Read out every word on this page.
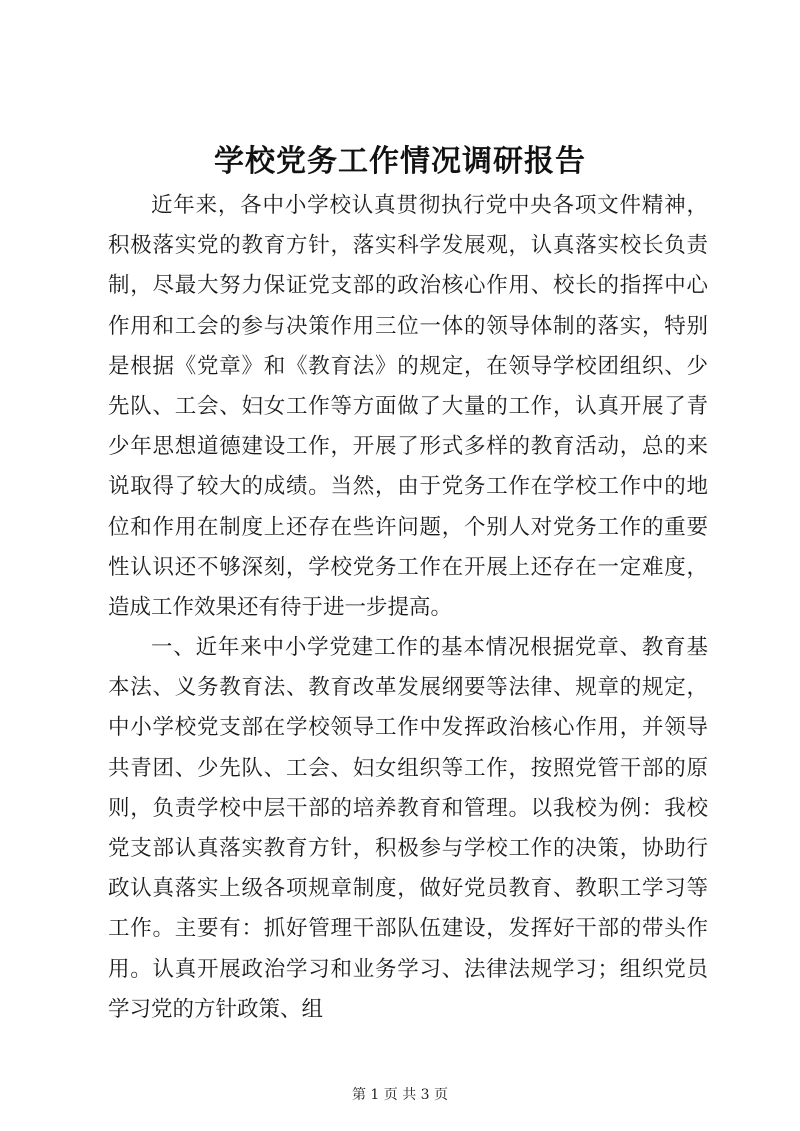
学校党务工作情况调研报告

近年来，各中小学校认真贯彻执行党中央各项文件精神，积极落实党的教育方针，落实科学发展观，认真落实校长负责制，尽最大努力保证党支部的政治核心作用、校长的指挥中心作用和工会的参与决策作用三位一体的领导体制的落实，特别是根据《党章》和《教育法》的规定，在领导学校团组织、少先队、工会、妇女工作等方面做了大量的工作，认真开展了青少年思想道德建设工作，开展了形式多样的教育活动，总的来说取得了较大的成绩。当然，由于党务工作在学校工作中的地位和作用在制度上还存在些许问题，个别人对党务工作的重要性认识还不够深刻，学校党务工作在开展上还存在一定难度，造成工作效果还有待于进一步提高。

一、近年来中小学党建工作的基本情况根据党章、教育基本法、义务教育法、教育改革发展纲要等法律、规章的规定，中小学校党支部在学校领导工作中发挥政治核心作用，并领导共青团、少先队、工会、妇女组织等工作，按照党管干部的原则，负责学校中层干部的培养教育和管理。以我校为例：我校党支部认真落实教育方针，积极参与学校工作的决策，协助行政认真落实上级各项规章制度，做好党员教育、教职工学习等工作。主要有：抓好管理干部队伍建设，发挥好干部的带头作用。认真开展政治学习和业务学习、法律法规学习；组织党员学习党的方针政策、组

第 1 页 共 3 页
